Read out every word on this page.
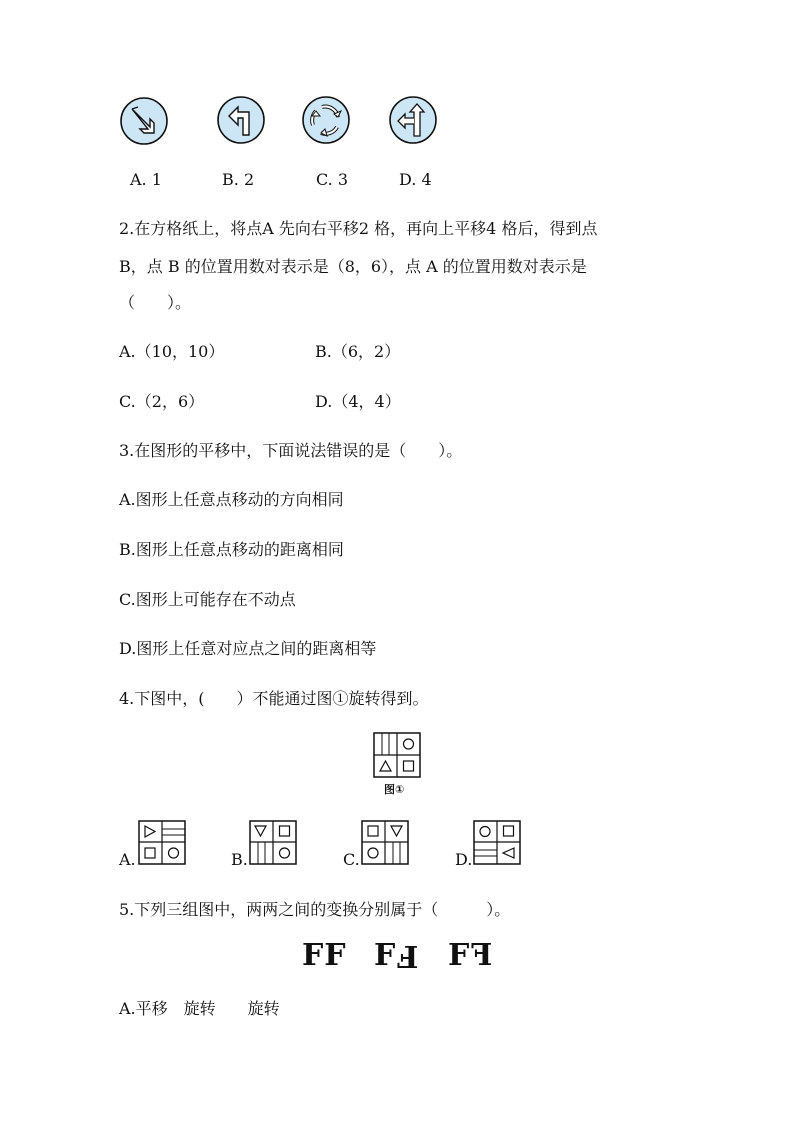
A. 1	B. 2	C. 3	D. 4
2.在方格纸上，将点A 先向右平移2 格，再向上平移4 格后，得到点
B，点 B 的位置用数对表示是（8，6），点 A 的位置用数对表示是
（　　）。
A.（10，10）	B.（6，2）
C.（2，6）	D.（4，4）
3.在图形的平移中，下面说法错误的是（　　）。
A.图形上任意点移动的方向相同
B.图形上任意点移动的距离相同
C.图形上可能存在不动点
D.图形上任意对应点之间的距离相等
4.下图中，(　　）不能通过图①旋转得到。
图①
A.	B.	C.	D.
5.下列三组图中，两两之间的变换分别属于（　　　）。
FF FF FF
A.平移　旋转　　旋转
